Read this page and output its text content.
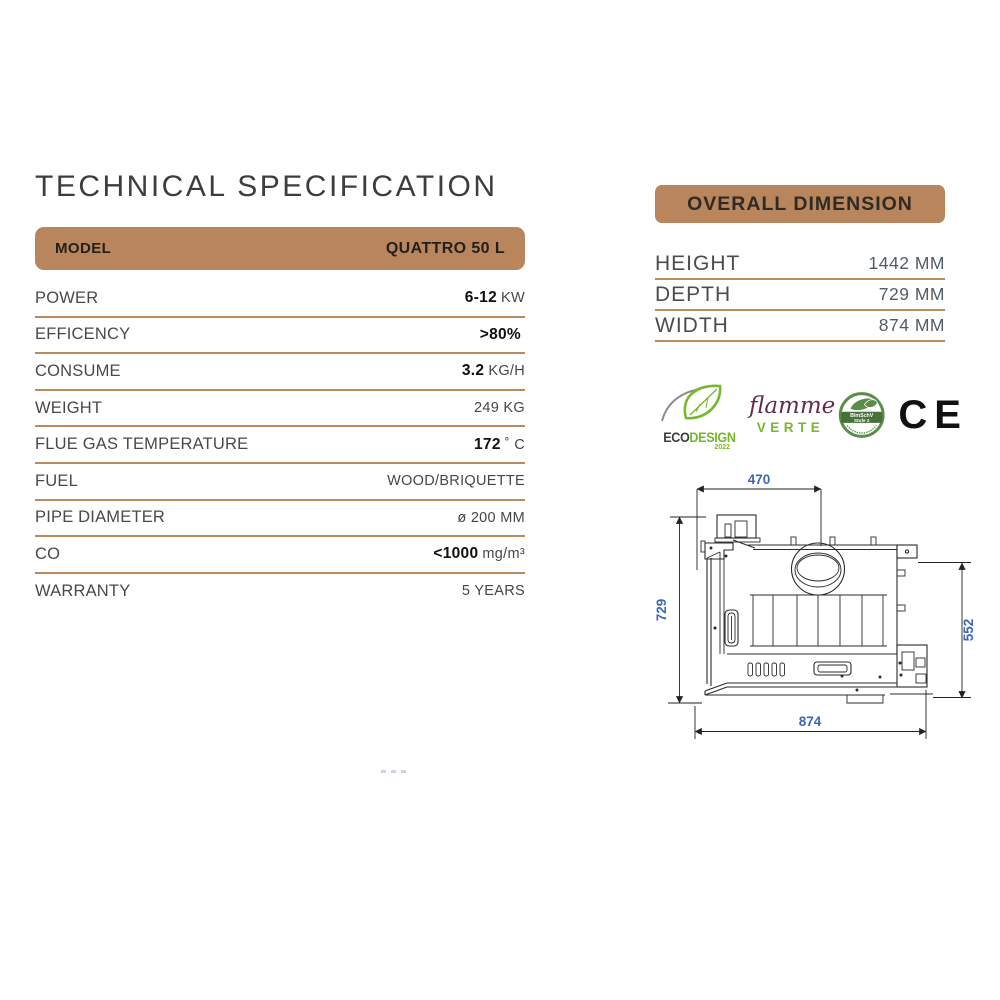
TECHNICAL SPECIFICATION
MODEL	QUATTRO 50 L
POWER	6-12 KW
EFFICENCY	>80%
CONSUME	3.2 KG/H
WEIGHT	249 KG
FLUE GAS TEMPERATURE	172 ˚ C
FUEL	WOOD/BRIQUETTE
PIPE DIAMETER	ø 200 MM
CO	<1000 mg/m³
WARRANTY	5 YEARS
OVERALL DIMENSION
HEIGHT	1442 MM
DEPTH	729 MM
WIDTH	874 MM
ECODESIGN
2022
flamme
VERTE
BImSchV
Stufe 2 CE
470
729
552
874
